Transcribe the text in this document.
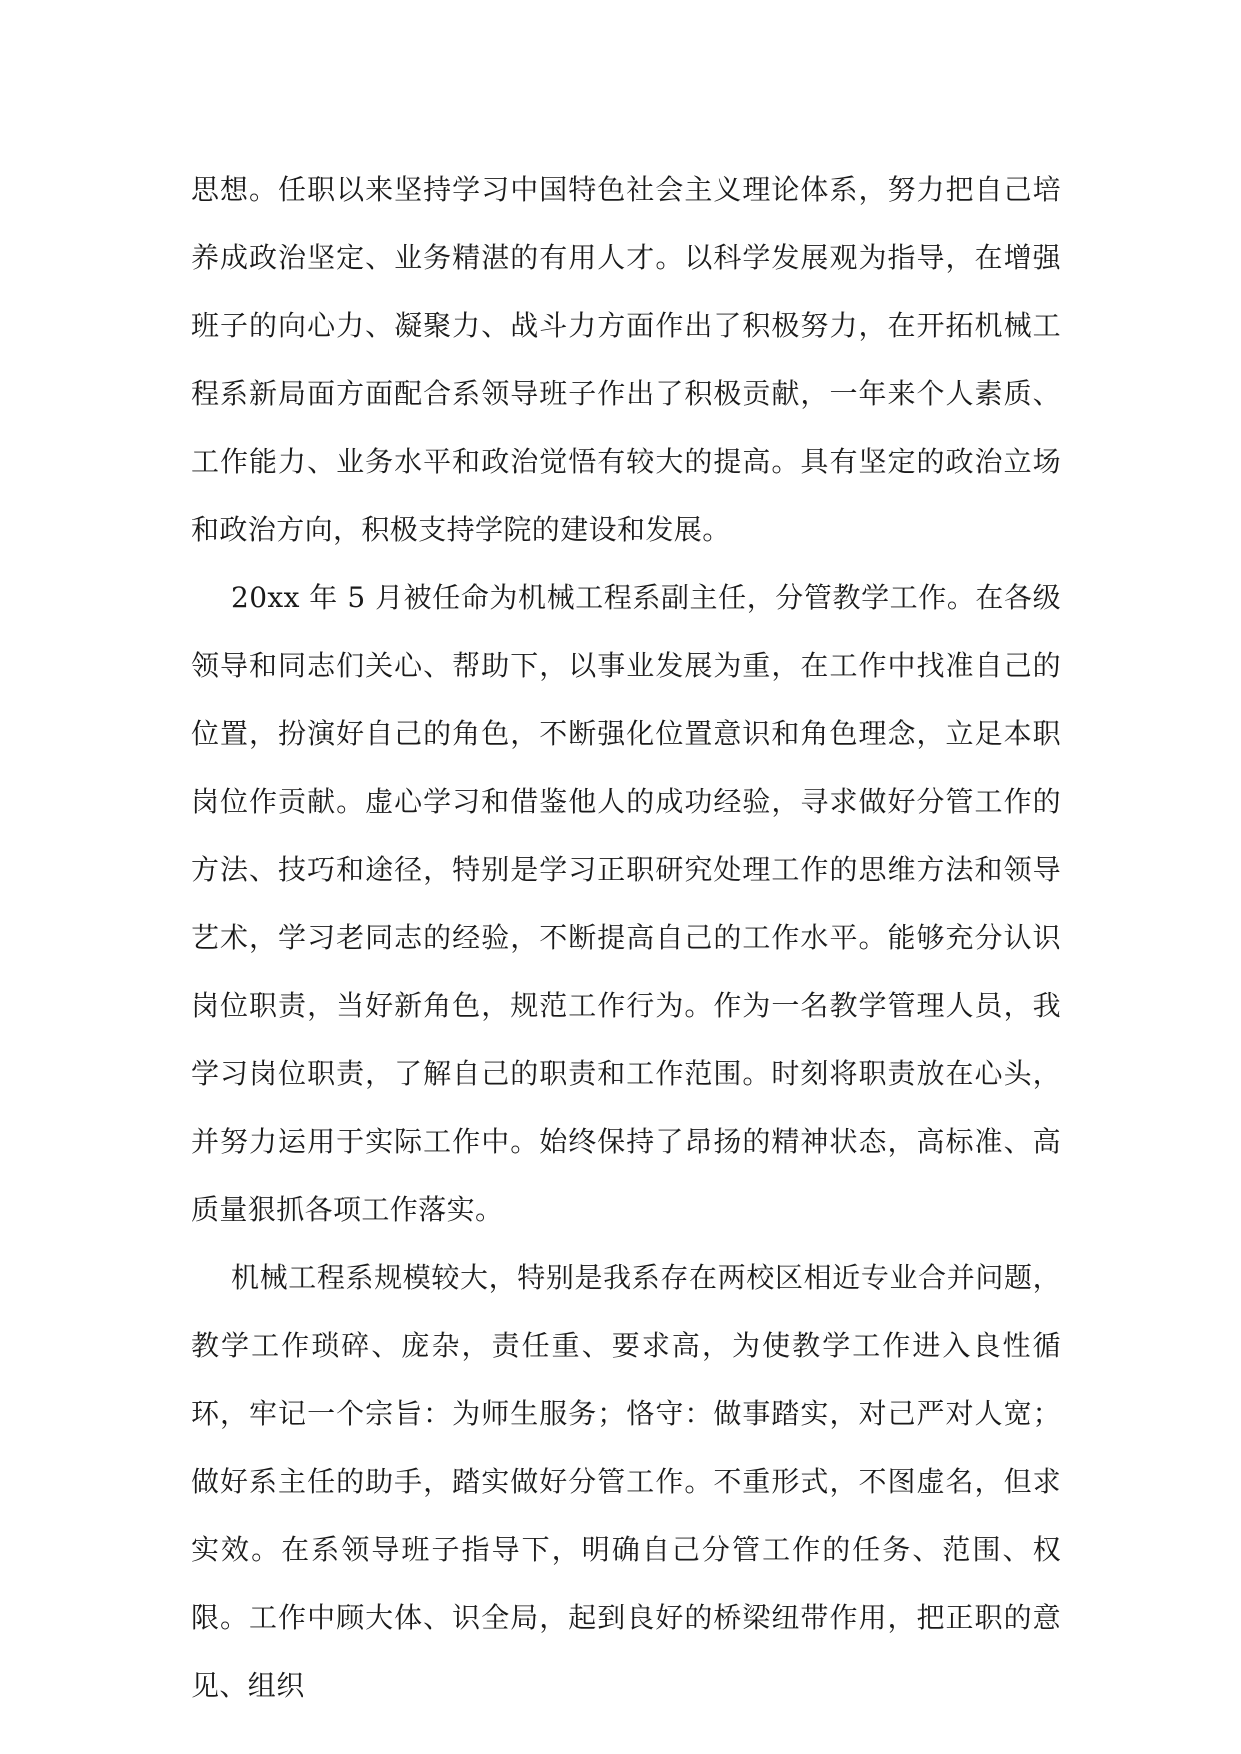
思想。任职以来坚持学习中国特色社会主义理论体系，努力把自己培养成政治坚定、业务精湛的有用人才。以科学发展观为指导，在增强班子的向心力、凝聚力、战斗力方面作出了积极努力，在开拓机械工程系新局面方面配合系领导班子作出了积极贡献，一年来个人素质、工作能力、业务水平和政治觉悟有较大的提高。具有坚定的政治立场和政治方向，积极支持学院的建设和发展。

20xx 年 5 月被任命为机械工程系副主任，分管教学工作。在各级领导和同志们关心、帮助下，以事业发展为重，在工作中找准自己的位置，扮演好自己的角色，不断强化位置意识和角色理念，立足本职岗位作贡献。虚心学习和借鉴他人的成功经验，寻求做好分管工作的方法、技巧和途径，特别是学习正职研究处理工作的思维方法和领导艺术，学习老同志的经验，不断提高自己的工作水平。能够充分认识岗位职责，当好新角色，规范工作行为。作为一名教学管理人员，我学习岗位职责，了解自己的职责和工作范围。时刻将职责放在心头，并努力运用于实际工作中。始终保持了昂扬的精神状态，高标准、高质量狠抓各项工作落实。

机械工程系规模较大，特别是我系存在两校区相近专业合并问题，教学工作琐碎、庞杂，责任重、要求高，为使教学工作进入良性循环，牢记一个宗旨：为师生服务；恪守：做事踏实，对己严对人宽；做好系主任的助手，踏实做好分管工作。不重形式，不图虚名，但求实效。在系领导班子指导下，明确自己分管工作的任务、范围、权限。工作中顾大体、识全局，起到良好的桥梁纽带作用，把正职的意见、组织
